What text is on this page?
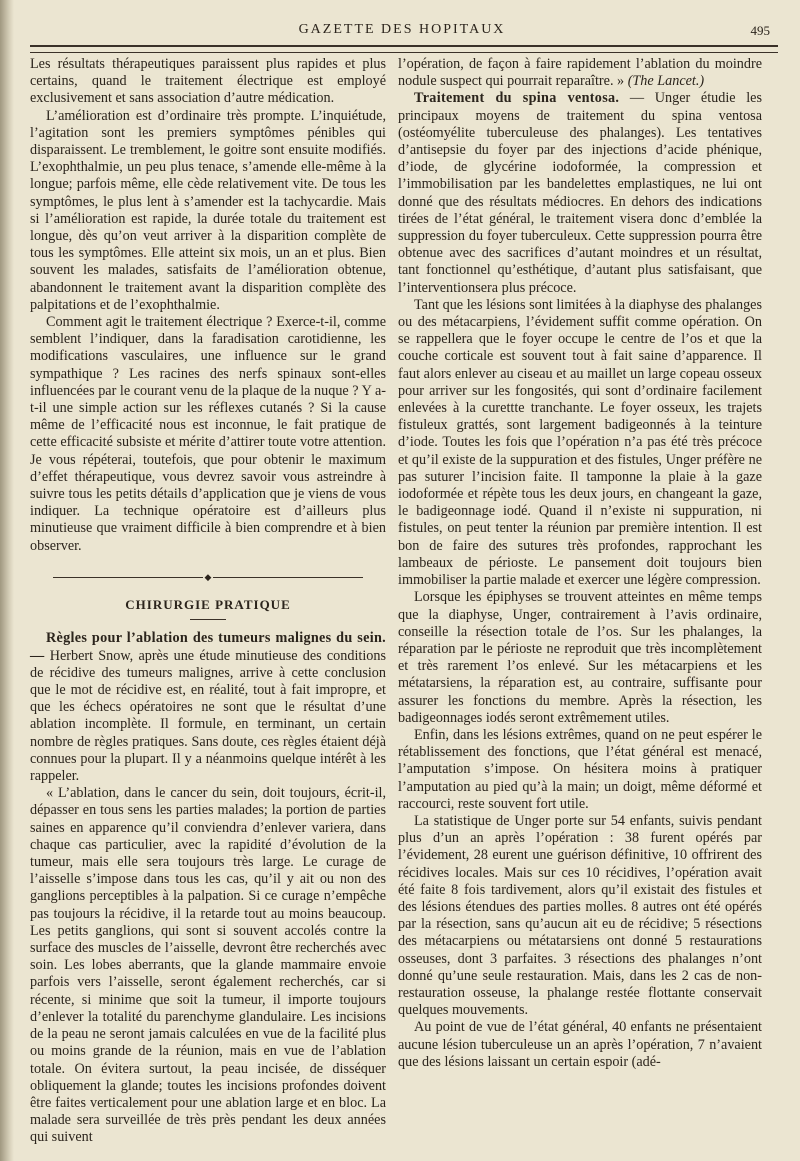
GAZETTE DES HOPITAUX	495

Les résultats thérapeutiques paraissent plus rapides et plus certains, quand le traitement électrique est employé exclusivement et sans association d’autre médication.

L’amélioration est d’ordinaire très prompte. L’inquiétude, l’agitation sont les premiers symptômes pénibles qui disparaissent. Le tremblement, le goitre sont ensuite modifiés. L’exophthalmie, un peu plus tenace, s’amende elle-même à la longue; parfois même, elle cède relativement vite. De tous les symptômes, le plus lent à s’amender est la tachycardie. Mais si l’amélioration est rapide, la durée totale du traitement est longue, dès qu’on veut arriver à la disparition complète de tous les symptômes. Elle atteint six mois, un an et plus. Bien souvent les malades, satisfaits de l’amélioration obtenue, abandonnent le traitement avant la disparition complète des palpitations et de l’exophthalmie.

Comment agit le traitement électrique ? Exerce-t-il, comme semblent l’indiquer, dans la faradisation carotidienne, les modifications vasculaires, une influence sur le grand sympathique ? Les racines des nerfs spinaux sont-elles influencées par le courant venu de la plaque de la nuque ? Y a-t-il une simple action sur les réflexes cutanés ? Si la cause même de l’efficacité nous est inconnue, le fait pratique de cette efficacité subsiste et mérite d’attirer toute votre attention. Je vous répéterai, toutefois, que pour obtenir le maximum d’effet thérapeutique, vous devrez savoir vous astreindre à suivre tous les petits détails d’application que je viens de vous indiquer. La technique opératoire est d’ailleurs plus minutieuse que vraiment difficile à bien comprendre et à bien observer.

◆
CHIRURGIE PRATIQUE

Règles pour l’ablation des tumeurs malignes du sein.— Herbert Snow, après une étude minutieuse des conditions de récidive des tumeurs malignes, arrive à cette conclusion que le mot de récidive est, en réalité, tout à fait impropre, et que les échecs opératoires ne sont que le résultat d’une ablation incomplète. Il formule, en terminant, un certain nombre de règles pratiques. Sans doute, ces règles étaient déjà connues pour la plupart. Il y a néanmoins quelque intérêt à les rappeler.

« L’ablation, dans le cancer du sein, doit toujours, écrit-il, dépasser en tous sens les parties malades; la portion de parties saines en apparence qu’il conviendra d’enlever variera, dans chaque cas particulier, avec la rapidité d’évolution de la tumeur, mais elle sera toujours très large. Le curage de l’aisselle s’impose dans tous les cas, qu’il y ait ou non des ganglions perceptibles à la palpation. Si ce curage n’empêche pas toujours la récidive, il la retarde tout au moins beaucoup. Les petits ganglions, qui sont si souvent accolés contre la surface des muscles de l’aisselle, devront être recherchés avec soin. Les lobes aberrants, que la glande mammaire envoie parfois vers l’aisselle, seront également recherchés, car si récente, si minime que soit la tumeur, il importe toujours d’enlever la totalité du parenchyme glandulaire. Les incisions de la peau ne seront jamais calculées en vue de la facilité plus ou moins grande de la réunion, mais en vue de l’ablation totale. On évitera surtout, la peau incisée, de disséquer obliquement la glande; toutes les incisions profondes doivent être faites verticalement pour une ablation large et en bloc. La malade sera surveillée de très près pendant les deux années qui suivent

l’opération, de façon à faire rapidement l’ablation du moindre nodule suspect qui pourrait reparaître. » (The Lancet.)

Traitement du spina ventosa. — Unger étudie les principaux moyens de traitement du spina ventosa (ostéomyélite tuberculeuse des phalanges). Les tentatives d’antisepsie du foyer par des injections d’acide phénique, d’iode, de glycérine iodoformée, la compression et l’immobilisation par les bandelettes emplastiques, ne lui ont donné que des résultats médiocres. En dehors des indications tirées de l’état général, le traitement visera donc d’emblée la suppression du foyer tuberculeux. Cette suppression pourra être obtenue avec des sacrifices d’autant moindres et un résultat, tant fonctionnel qu’esthétique, d’autant plus satisfaisant, que l’interventionsera plus précoce.

Tant que les lésions sont limitées à la diaphyse des phalanges ou des métacarpiens, l’évidement suffit comme opération. On se rappellera que le foyer occupe le centre de l’os et que la couche corticale est souvent tout à fait saine d’apparence. Il faut alors enlever au ciseau et au maillet un large copeau osseux pour arriver sur les fongosités, qui sont d’ordinaire facilement enlevées à la curettte tranchante. Le foyer osseux, les trajets fistuleux grattés, sont largement badigeonnés à la teinture d’iode. Toutes les fois que l’opération n’a pas été très précoce et qu’il existe de la suppuration et des fistules, Unger préfère ne pas suturer l’incision faite. Il tamponne la plaie à la gaze iodoformée et répète tous les deux jours, en changeant la gaze, le badigeonnage iodé. Quand il n’existe ni suppuration, ni fistules, on peut tenter la réunion par première intention. Il est bon de faire des sutures très profondes, rapprochant les lambeaux de périoste. Le pansement doit toujours bien immobiliser la partie malade et exercer une légère compression.

Lorsque les épiphyses se trouvent atteintes en même temps que la diaphyse, Unger, contrairement à l’avis ordinaire, conseille la résection totale de l’os. Sur les phalanges, la réparation par le périoste ne reproduit que très incomplètement et très rarement l’os enlevé. Sur les métacarpiens et les métatarsiens, la réparation est, au contraire, suffisante pour assurer les fonctions du membre. Après la résection, les badigeonnages iodés seront extrêmement utiles.

Enfin, dans les lésions extrêmes, quand on ne peut espérer le rétablissement des fonctions, que l’état général est menacé, l’amputation s’impose. On hésitera moins à pratiquer l’amputation au pied qu’à la main; un doigt, même déformé et raccourci, reste souvent fort utile.

La statistique de Unger porte sur 54 enfants, suivis pendant plus d’un an après l’opération : 38 furent opérés par l’évidement, 28 eurent une guérison définitive, 10 offrirent des récidives locales. Mais sur ces 10 récidives, l’opération avait été faite 8 fois tardivement, alors qu’il existait des fistules et des lésions étendues des parties molles. 8 autres ont été opérés par la résection, sans qu’aucun ait eu de récidive; 5 résections des métacarpiens ou métatarsiens ont donné 5 restaurations osseuses, dont 3 parfaites. 3 résections des phalanges n’ont donné qu’une seule restauration. Mais, dans les 2 cas de non-restauration osseuse, la phalange restée flottante conservait quelques mouvements.

Au point de vue de l’état général, 40 enfants ne présentaient aucune lésion tuberculeuse un an après l’opération, 7 n’avaient que des lésions laissant un certain espoir (adé-
